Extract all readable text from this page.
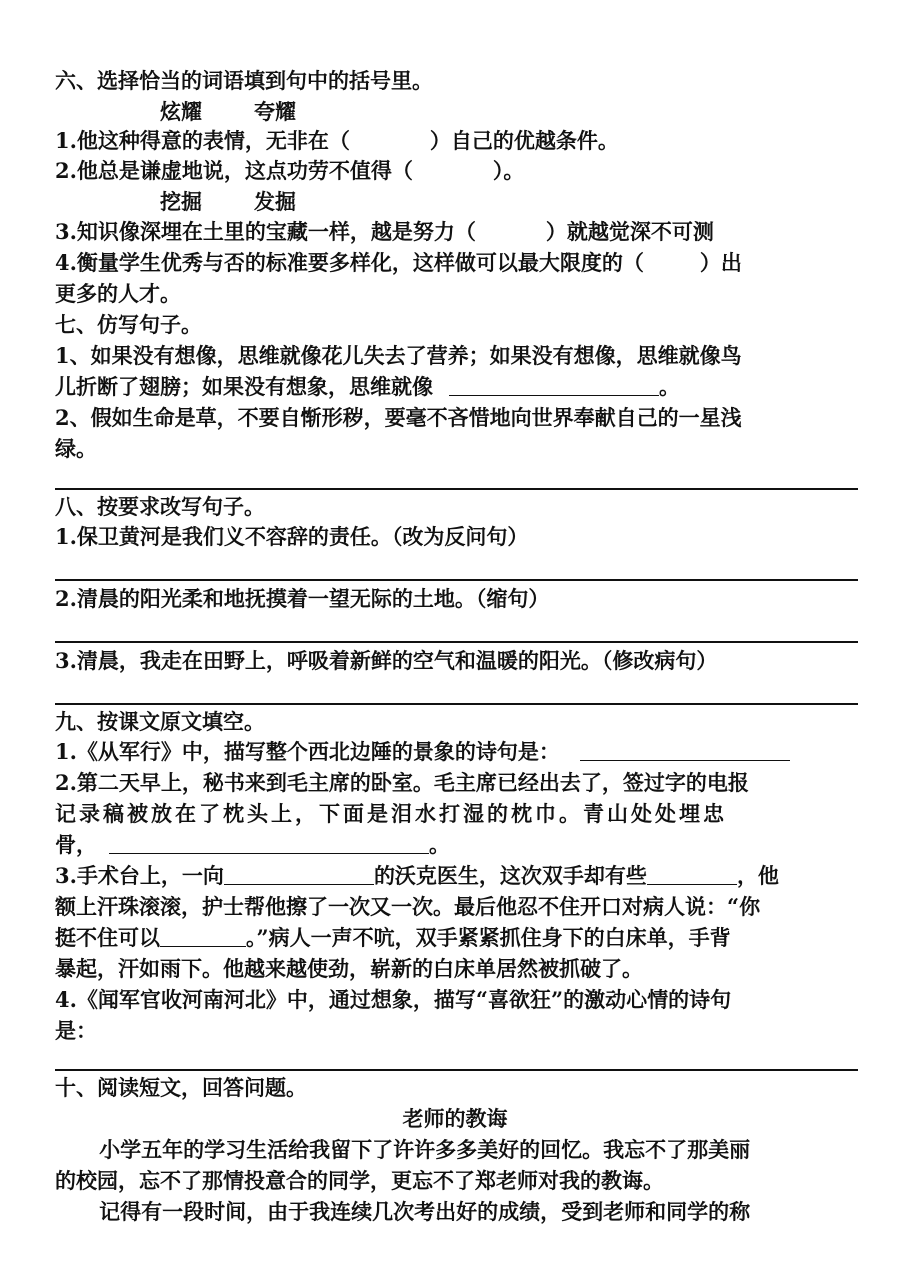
六、选择恰当的词语填到句中的括号里。
炫耀 夸耀
1.他这种得意的表情，无非在（	）自己的优越条件。
2.他总是谦虚地说，这点功劳不值得（	）。
挖掘 发掘
3.知识像深埋在土里的宝藏一样，越是努力（	）就越觉深不可测
4.衡量学生优秀与否的标准要多样化，这样做可以最大限度的（	）出
更多的人才。
七、仿写句子。
1、如果没有想像，思维就像花儿失去了营养；如果没有想像，思维就像鸟
儿折断了翅膀；如果没有想象，思维就像	。
2、假如生命是草，不要自惭形秽，要毫不吝惜地向世界奉献自己的一星浅
绿。
八、按要求改写句子。
1.保卫黄河是我们义不容辞的责任。（改为反问句）
2.清晨的阳光柔和地抚摸着一望无际的土地。（缩句）
3.清晨，我走在田野上，呼吸着新鲜的空气和温暖的阳光。（修改病句）
九、按课文原文填空。
1.《从军行》中，描写整个西北边陲的景象的诗句是：
2.第二天早上，秘书来到毛主席的卧室。毛主席已经出去了，签过字的电报
记录稿被放在了枕头上，下面是泪水打湿的枕巾。青山处处埋忠
骨，	。
3.手术台上，一向	的沃克医生，这次双手却有些	，他
额上汗珠滚滚，护士帮他擦了一次又一次。最后他忍不住开口对病人说：“你
挺不住可以	。”病人一声不吭，双手紧紧抓住身下的白床单，手背
暴起，汗如雨下。他越来越使劲，崭新的白床单居然被抓破了。
4.《闻军官收河南河北》中，通过想象，描写“喜欲狂”的激动心情的诗句
是：
十、阅读短文，回答问题。
老师的教诲
小学五年的学习生活给我留下了许许多多美好的回忆。我忘不了那美丽
的校园，忘不了那情投意合的同学，更忘不了郑老师对我的教诲。
记得有一段时间，由于我连续几次考出好的成绩，受到老师和同学的称
